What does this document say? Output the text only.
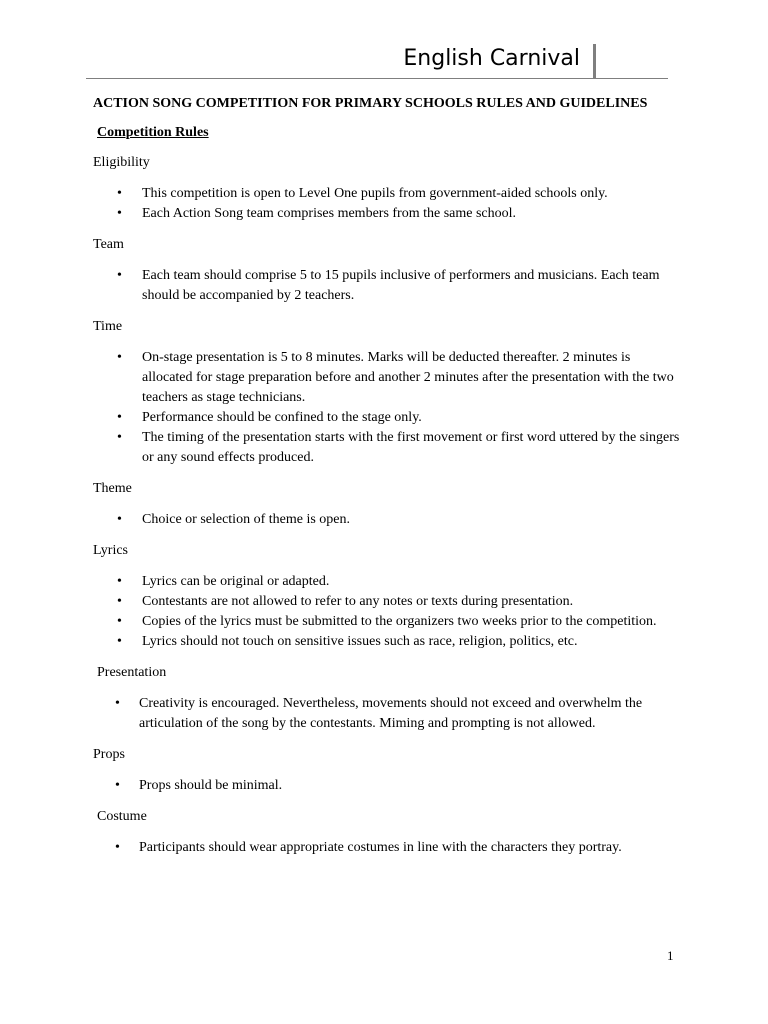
English Carnival
ACTION SONG COMPETITION FOR PRIMARY SCHOOLS RULES AND GUIDELINES
Competition Rules
Eligibility
• This competition is open to Level One pupils from government-aided schools only.
• Each Action Song team comprises members from the same school.
Team
• Each team should comprise 5 to 15 pupils inclusive of performers and musicians. Each team should be accompanied by 2 teachers.
Time
• On-stage presentation is 5 to 8 minutes. Marks will be deducted thereafter. 2 minutes is allocated for stage preparation before and another 2 minutes after the presentation with the two teachers as stage technicians.
• Performance should be confined to the stage only.
• The timing of the presentation starts with the first movement or first word uttered by the singers or any sound effects produced.
Theme
• Choice or selection of theme is open.
Lyrics
• Lyrics can be original or adapted.
• Contestants are not allowed to refer to any notes or texts during presentation.
• Copies of the lyrics must be submitted to the organizers two weeks prior to the competition.
• Lyrics should not touch on sensitive issues such as race, religion, politics, etc.
Presentation
• Creativity is encouraged. Nevertheless, movements should not exceed and overwhelm the articulation of the song by the contestants. Miming and prompting is not allowed.
Props
• Props should be minimal.
Costume
• Participants should wear appropriate costumes in line with the characters they portray.
1
